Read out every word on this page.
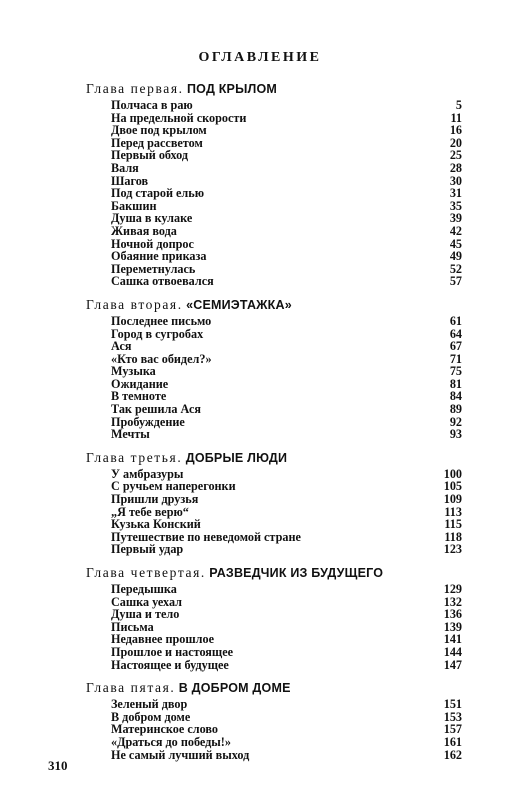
ОГЛАВЛЕНИЕ
Глава первая. ПОД КРЫЛОМ
Полчаса в раю	5
На предельной скорости	11
Двое под крылом	16
Перед рассветом	20
Первый обход	25
Валя	28
Шагов	30
Под старой елью	31
Бакшин	35
Душа в кулаке	39
Живая вода	42
Ночной допрос	45
Обаяние приказа	49
Переметнулась	52
Сашка отвоевался	57
Глава вторая. «СЕМИЭТАЖКА»
Последнее письмо	61
Город в сугробах	64
Ася	67
«Кто вас обидел?»	71
Музыка	75
Ожидание	81
В темноте	84
Так решила Ася	89
Пробуждение	92
Мечты	93
Глава третья. ДОБРЫЕ ЛЮДИ
У амбразуры	100
С ручьем наперегонки	105
Пришли друзья	109
„Я тебе верю“	113
Кузька Конский	115
Путешествие по неведомой стране	118
Первый удар	123
Глава четвертая. РАЗВЕДЧИК ИЗ БУДУЩЕГО
Передышка	129
Сашка уехал	132
Душа и тело	136
Письма	139
Недавнее прошлое	141
Прошлое и настоящее	144
Настоящее и будущее	147
Глава пятая. В ДОБРОМ ДОМЕ
Зеленый двор	151
В добром доме	153
Материнское слово	157
«Драться до победы!»	161
Не самый лучший выход	162
310
